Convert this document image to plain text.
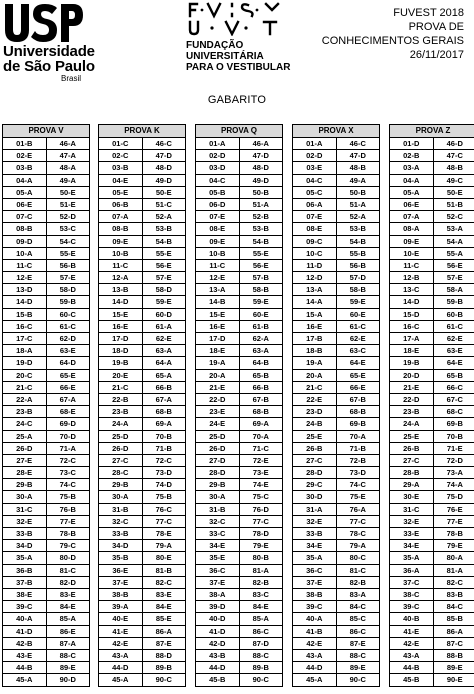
Universidade
de São Paulo
Brasil
FUNDAÇÃO
UNIVERSITÁRIA
PARA O VESTIBULAR
FUVEST 2018
PROVA DE
CONHECIMENTOS GERAIS
26/11/2017
GABARITO
PROVA V
01-B	46-A
02-E	47-A
03-B	48-A
04-A	49-A
05-A	50-E
06-E	51-E
07-C	52-D
08-B	53-C
09-D	54-C
10-A	55-E
11-C	56-B
12-E	57-E
13-D	58-D
14-D	59-B
15-B	60-C
16-C	61-C
17-C	62-D
18-A	63-E
19-D	64-D
20-C	65-E
21-C	66-E
22-A	67-A
23-B	68-E
24-C	69-D
25-A	70-D
26-D	71-A
27-E	72-C
28-E	73-C
29-B	74-C
30-A	75-B
31-C	76-B
32-E	77-E
33-B	78-B
34-D	79-C
35-A	80-D
36-B	81-C
37-B	82-D
38-E	83-E
39-C	84-E
40-A	85-A
41-D	86-E
42-B	87-A
43-E	88-C
44-B	89-E
45-A	90-D
PROVA K
01-C	46-C
02-C	47-D
03-B	48-D
04-E	49-D
05-E	50-E
06-B	51-C
07-A	52-A
08-B	53-B
09-E	54-B
10-B	55-E
11-C	56-E
12-A	57-E
13-B	58-D
14-D	59-E
15-E	60-D
16-E	61-A
17-D	62-E
18-D	63-A
19-B	64-A
20-E	65-A
21-C	66-B
22-B	67-A
23-B	68-B
24-A	69-A
25-D	70-B
26-D	71-B
27-C	72-C
28-C	73-D
29-B	74-D
30-A	75-B
31-B	76-C
32-C	77-C
33-B	78-E
34-D	79-A
35-B	80-E
36-E	81-B
37-E	82-C
38-B	83-E
39-A	84-E
40-E	85-E
41-E	86-A
42-E	87-E
43-A	88-D
44-D	89-B
45-A	90-C
PROVA Q
01-A	46-A
02-D	47-D
03-D	48-D
04-C	49-D
05-B	50-B
06-D	51-A
07-E	52-B
08-E	53-B
09-E	54-B
10-B	55-E
11-C	56-E
12-E	57-B
13-A	58-B
14-B	59-E
15-E	60-E
16-E	61-B
17-D	62-A
18-E	63-A
19-A	64-B
20-A	65-B
21-E	66-B
22-D	67-B
23-E	68-B
24-E	69-A
25-D	70-A
26-D	71-C
27-D	72-E
28-D	73-E
29-B	74-E
30-A	75-C
31-B	76-D
32-C	77-C
33-C	78-D
34-E	79-E
35-E	80-B
36-C	81-A
37-E	82-B
38-A	83-C
39-D	84-E
40-D	85-A
41-D	86-C
42-D	87-D
43-B	88-C
44-D	89-B
45-B	90-C
PROVA X
01-A	46-C
02-D	47-D
03-E	48-B
04-C	49-A
05-C	50-B
06-A	51-A
07-E	52-A
08-E	53-B
09-C	54-B
10-C	55-B
11-D	56-B
12-D	57-D
13-A	58-B
14-A	59-E
15-A	60-E
16-E	61-C
17-B	62-E
18-B	63-C
19-A	64-E
20-A	65-E
21-C	66-E
22-E	67-B
23-D	68-B
24-B	69-B
25-E	70-A
26-B	71-B
27-C	72-B
28-D	73-D
29-C	74-C
30-D	75-E
31-A	76-A
32-E	77-C
33-B	78-C
34-E	79-A
35-A	80-C
36-C	81-C
37-E	82-B
38-B	83-A
39-C	84-C
40-A	85-C
41-B	86-C
42-E	87-E
43-A	88-C
44-D	89-E
45-A	90-C
PROVA Z
01-D	46-D
02-B	47-C
03-A	48-B
04-A	49-C
05-A	50-E
06-E	51-B
07-A	52-C
08-A	53-A
09-E	54-A
10-E	55-A
11-C	56-E
12-B	57-E
13-C	58-A
14-D	59-B
15-D	60-B
16-C	61-C
17-A	62-E
18-E	63-E
19-B	64-E
20-D	65-B
21-E	66-C
22-D	67-C
23-B	68-C
24-A	69-B
25-E	70-B
26-B	71-E
27-C	72-D
28-B	73-A
29-A	74-A
30-E	75-D
31-C	76-E
32-E	77-E
33-E	78-B
34-E	79-E
35-A	80-A
36-A	81-A
37-C	82-C
38-C	83-B
39-C	84-C
40-B	85-B
41-E	86-A
42-E	87-C
43-A	88-B
44-B	89-E
45-B	90-E
